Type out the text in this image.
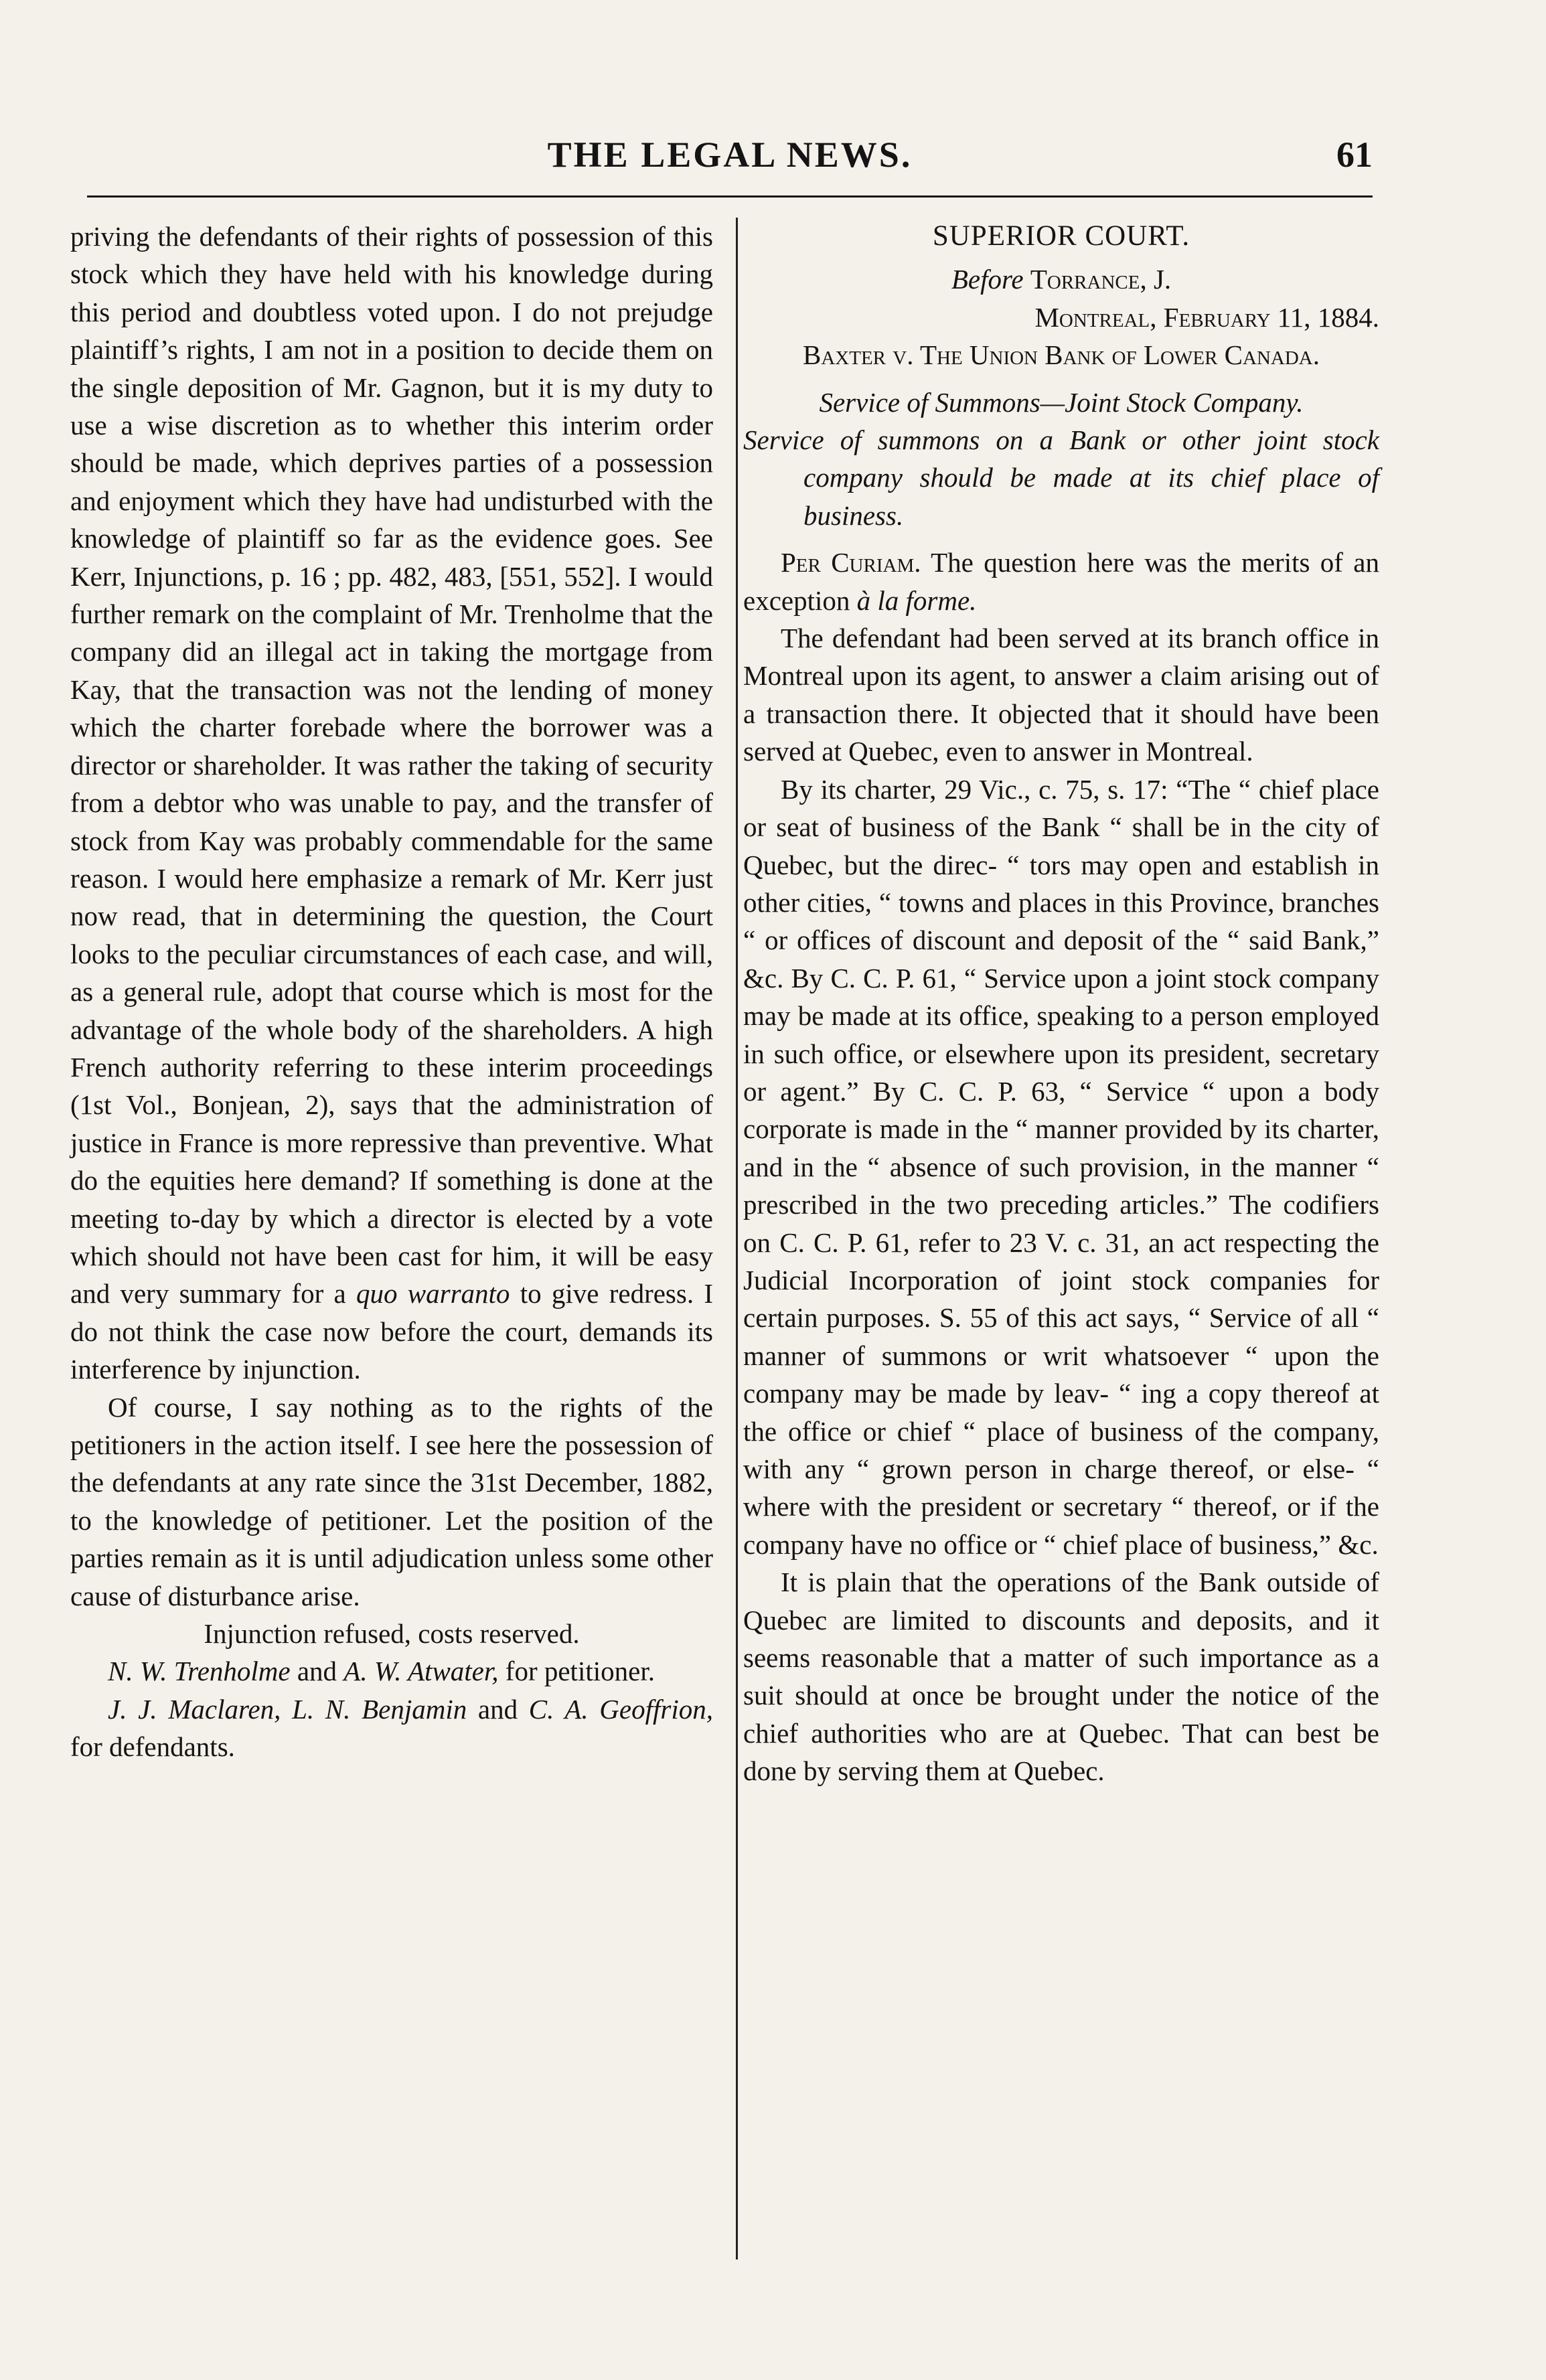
THE LEGAL NEWS.	61

priving the defendants of their rights of possession of this stock which they have held with his knowledge during this period and doubtless voted upon. I do not prejudge plaintiff’s rights, I am not in a position to decide them on the single deposition of Mr. Gagnon, but it is my duty to use a wise discretion as to whether this interim order should be made, which deprives parties of a possession and enjoyment which they have had undisturbed with the knowledge of plaintiff so far as the evidence goes. See Kerr, Injunctions, p. 16 ; pp. 482, 483, [551, 552]. I would further remark on the complaint of Mr. Trenholme that the company did an illegal act in taking the mortgage from Kay, that the transaction was not the lending of money which the charter forebade where the borrower was a director or shareholder. It was rather the taking of security from a debtor who was unable to pay, and the transfer of stock from Kay was probably commendable for the same reason. I would here emphasize a remark of Mr. Kerr just now read, that in determining the question, the Court looks to the peculiar circumstances of each case, and will, as a general rule, adopt that course which is most for the advantage of the whole body of the shareholders. A high French authority referring to these interim proceedings (1st Vol., Bonjean, 2), says that the administration of justice in France is more repressive than preventive. What do the equities here demand? If something is done at the meeting to-day by which a director is elected by a vote which should not have been cast for him, it will be easy and very summary for a quo warranto to give redress. I do not think the case now before the court, demands its interference by injunction.

Of course, I say nothing as to the rights of the petitioners in the action itself. I see here the possession of the defendants at any rate since the 31st December, 1882, to the knowledge of petitioner. Let the position of the parties remain as it is until adjudication unless some other cause of disturbance arise.

Injunction refused, costs reserved.

N. W. Trenholme and A. W. Atwater, for petitioner.

J. J. Maclaren, L. N. Benjamin and C. A. Geoffrion, for defendants.

SUPERIOR COURT.

Before Torrance, J.

Montreal, February 11, 1884.

Baxter v. The Union Bank of Lower Canada.

Service of Summons—Joint Stock Company.

Service of summons on a Bank or other joint stock company should be made at its chief place of business.

Per Curiam. The question here was the merits of an exception à la forme.

The defendant had been served at its branch office in Montreal upon its agent, to answer a claim arising out of a transaction there. It objected that it should have been served at Quebec, even to answer in Montreal.

By its charter, 29 Vic., c. 75, s. 17: “The “ chief place or seat of business of the Bank “ shall be in the city of Quebec, but the direc- “ tors may open and establish in other cities, “ towns and places in this Province, branches “ or offices of discount and deposit of the “ said Bank,” &c. By C. C. P. 61, “ Service upon a joint stock company may be made at its office, speaking to a person employed in such office, or elsewhere upon its president, secretary or agent.” By C. C. P. 63, “ Service “ upon a body corporate is made in the “ manner provided by its charter, and in the “ absence of such provision, in the manner “ prescribed in the two preceding articles.” The codifiers on C. C. P. 61, refer to 23 V. c. 31, an act respecting the Judicial Incorporation of joint stock companies for certain purposes. S. 55 of this act says, “ Service of all “ manner of summons or writ whatsoever “ upon the company may be made by leav- “ ing a copy thereof at the office or chief “ place of business of the company, with any “ grown person in charge thereof, or else- “ where with the president or secretary “ thereof, or if the company have no office or “ chief place of business,” &c.

It is plain that the operations of the Bank outside of Quebec are limited to discounts and deposits, and it seems reasonable that a matter of such importance as a suit should at once be brought under the notice of the chief authorities who are at Quebec. That can best be done by serving them at Quebec.
